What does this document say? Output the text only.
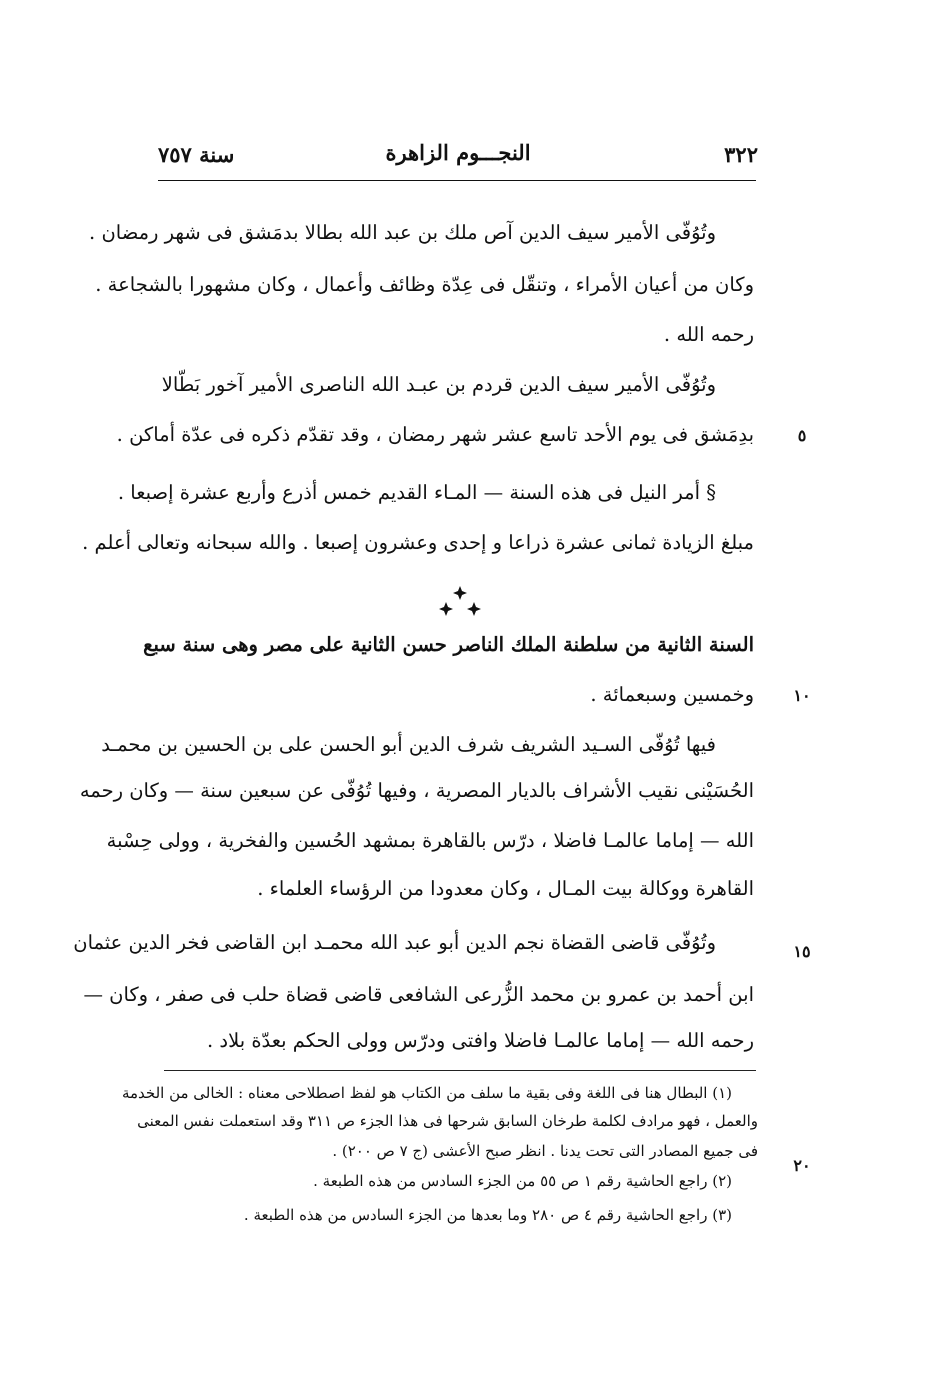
٣٢٢
النجـــوم الزاهرة
سنة ٧٥٧
وتُوُفّى الأمير سيف الدين آص ملك بن عبد الله بطالا بدمَشق فى شهر رمضان .
وكان من أعيان الأمراء ، وتنقّل فى عِدّة وظائف وأعمال ، وكان مشهورا بالشجاعة .
رحمه الله .
وتُوُفّى الأمير سيف الدين قردم بن عبـد الله الناصرى الأمير آخور بَطّالا
بدِمَشق فى يوم الأحد تاسع عشر شهر رمضان ، وقد تقدّم ذكره فى عدّة أماكن .
§ أمر النيل فى هذه السنة — المـاء القديم خمس أذرع وأربع عشرة إصبعا .
مبلغ الزيادة ثمانى عشرة ذراعا و إحدى وعشرون إصبعا . والله سبحانه وتعالى أعلم .
السنة الثانية من سلطنة الملك الناصر حسن الثانية على مصر وهى سنة سبع
وخمسين وسبعمائة .
فيها تُوُفّى السـيد الشريف شرف الدين أبو الحسن على بن الحسين بن محمـد
الحُسَيْنى نقيب الأشراف بالديار المصرية ، وفيها تُوُفّى عن سبعين سنة — وكان رحمه
الله — إماما عالمـا فاضلا ، درّس بالقاهرة بمشهد الحُسين والفخرية ، وولى حِسْبة
القاهرة ووكالة بيت المـال ، وكان معدودا من الرؤساء العلماء .
وتُوُفّى قاضى القضاة نجم الدين أبو عبد الله محمـد ابن القاضى فخر الدين عثمان
ابن أحمد بن عمرو بن محمد الزُّرعى الشافعى قاضى قضاة حلب فى صفر ، وكان —
رحمه الله — إماما عالمـا فاضلا وافتى ودرّس وولى الحكم بعدّة بلاد .
٥
١٠
١٥
٢٠
(١) البطال هنا فى اللغة وفى بقية ما سلف من الكتاب هو لفظ اصطلاحى معناه : الخالى من الخدمة
والعمل ، فهو مرادف لكلمة طرخان السابق شرحها فى هذا الجزء ص ٣١١ وقد استعملت نفس المعنى
فى جميع المصادر التى تحت يدنا . انظر صبح الأعشى (ج ٧ ص ٢٠٠) .
(٢) راجع الحاشية رقم ١ ص ٥٥ من الجزء السادس من هذه الطبعة .
(٣) راجع الحاشية رقم ٤ ص ٢٨٠ وما بعدها من الجزء السادس من هذه الطبعة .
